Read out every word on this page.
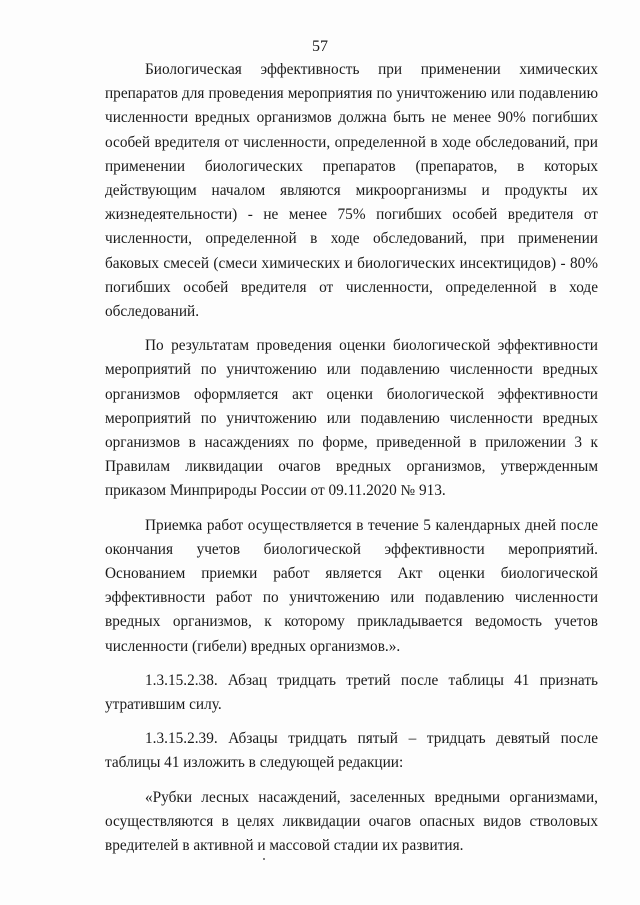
57

Биологическая эффективность при применении химических препаратов для проведения мероприятия по уничтожению или подавлению численности вредных организмов должна быть не менее 90% погибших особей вредителя от численности, определенной в ходе обследований, при применении биологических препаратов (препаратов, в которых действующим началом являются микроорганизмы и продукты их жизнедеятельности) - не менее 75% погибших особей вредителя от численности, определенной в ходе обследований, при применении баковых смесей (смеси химических и биологических инсектицидов) - 80% погибших особей вредителя от численности, определенной в ходе обследований.

По результатам проведения оценки биологической эффективности мероприятий по уничтожению или подавлению численности вредных организмов оформляется акт оценки биологической эффективности мероприятий по уничтожению или подавлению численности вредных организмов в насаждениях по форме, приведенной в приложении 3 к Правилам ликвидации очагов вредных организмов, утвержденным приказом Минприроды России от 09.11.2020 № 913.

Приемка работ осуществляется в течение 5 календарных дней после окончания учетов биологической эффективности мероприятий. Основанием приемки работ является Акт оценки биологической эффективности работ по уничтожению или подавлению численности вредных организмов, к которому прикладывается ведомость учетов численности (гибели) вредных организмов.».

1.3.15.2.38. Абзац тридцать третий после таблицы 41 признать утратившим силу.

1.3.15.2.39. Абзацы тридцать пятый – тридцать девятый после таблицы 41 изложить в следующей редакции:

«Рубки лесных насаждений, заселенных вредными организмами, осуществляются в целях ликвидации очагов опасных видов стволовых вредителей в активной и массовой стадии их развития.
